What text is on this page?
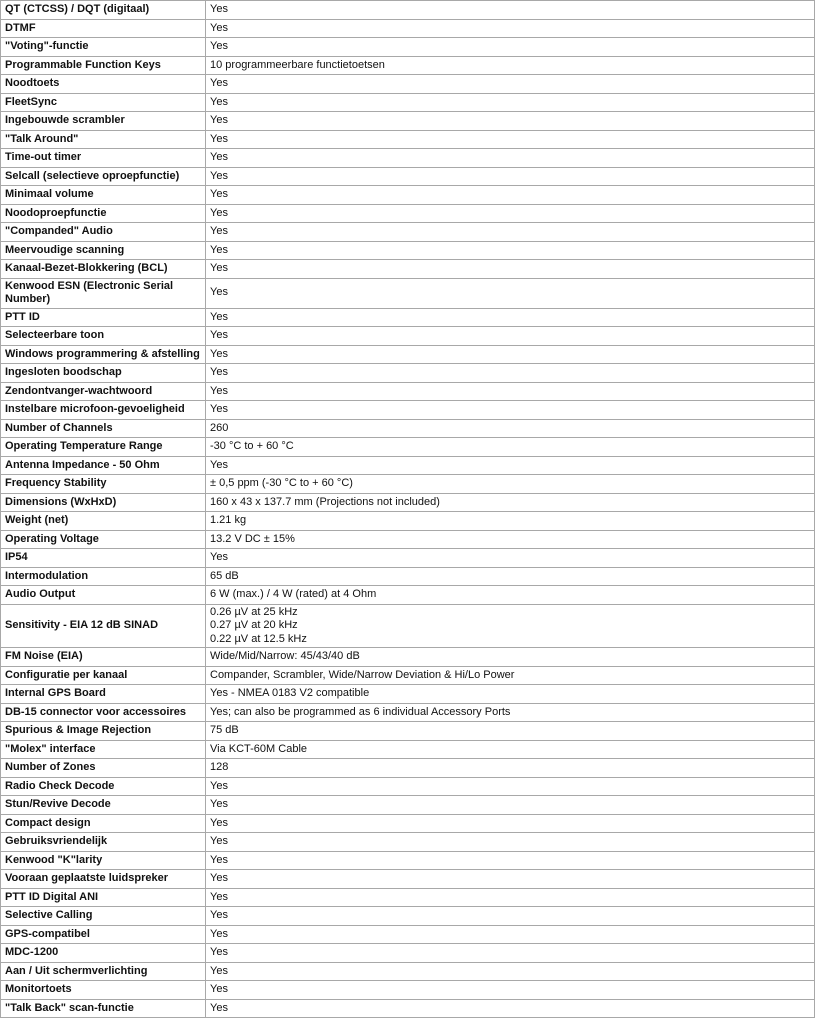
QT (CTCSS) / DQT (digitaal)	Yes

DTMF	Yes

"Voting"-functie	Yes

Programmable Function Keys	10 programmeerbare functietoetsen

Noodtoets	Yes

FleetSync	Yes

Ingebouwde scrambler	Yes

"Talk Around"	Yes

Time-out timer	Yes

Selcall (selectieve oproepfunctie)	Yes

Minimaal volume	Yes

Noodoproepfunctie	Yes

"Companded" Audio	Yes

Meervoudige scanning	Yes

Kanaal-Bezet-Blokkering (BCL)	Yes

Kenwood ESN (Electronic Serial Number)	Yes

PTT ID	Yes

Selecteerbare toon	Yes

Windows programmering & afstelling	Yes

Ingesloten boodschap	Yes

Zendontvanger-wachtwoord	Yes

Instelbare microfoon-gevoeligheid	Yes

Number of Channels	260

Operating Temperature Range	-30 °C to + 60 °C

Antenna Impedance - 50 Ohm	Yes

Frequency Stability	± 0,5 ppm (-30 °C to + 60 °C)

Dimensions (WxHxD)	160 x 43 x 137.7 mm (Projections not included)

Weight (net)	1.21 kg

Operating Voltage	13.2 V DC ± 15%

IP54	Yes

Intermodulation	65 dB

Audio Output	6 W (max.) / 4 W (rated) at 4 Ohm

Sensitivity - EIA 12 dB SINAD	0.26 µV at 25 kHz
0.27 µV at 20 kHz
0.22 µV at 12.5 kHz

FM Noise (EIA)	Wide/Mid/Narrow: 45/43/40 dB

Configuratie per kanaal	Compander, Scrambler, Wide/Narrow Deviation & Hi/Lo Power

Internal GPS Board	Yes - NMEA 0183 V2 compatible

DB-15 connector voor accessoires	Yes; can also be programmed as 6 individual Accessory Ports

Spurious & Image Rejection	75 dB

"Molex" interface	Via KCT-60M Cable

Number of Zones	128

Radio Check Decode	Yes

Stun/Revive Decode	Yes

Compact design	Yes

Gebruiksvriendelijk	Yes

Kenwood "K"larity	Yes

Vooraan geplaatste luidspreker	Yes

PTT ID Digital ANI	Yes

Selective Calling	Yes

GPS-compatibel	Yes

MDC-1200	Yes

Aan / Uit schermverlichting	Yes

Monitortoets	Yes

"Talk Back" scan-functie	Yes
